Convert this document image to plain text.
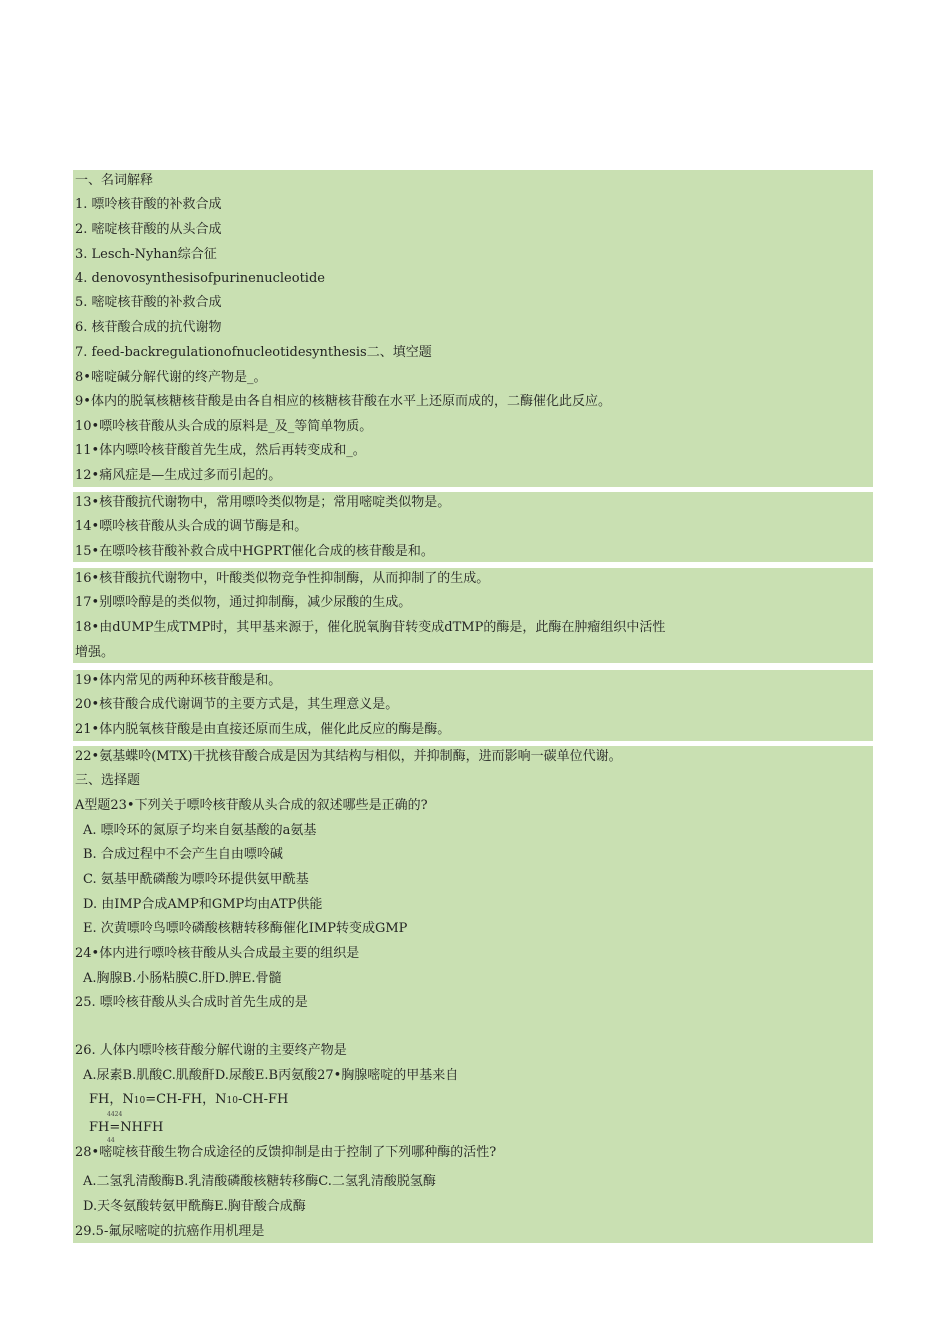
一、名词解释
1. 嘌呤核苷酸的补救合成
2. 嘧啶核苷酸的从头合成
3. Lesch-Nyhan综合征
4. denovosynthesisofpurinenucleotide
5. 嘧啶核苷酸的补救合成
6. 核苷酸合成的抗代谢物
7. feed-backregulationofnucleotidesynthesis二、填空题
8•嘧啶碱分解代谢的终产物是_。
9•体内的脱氧核糖核苷酸是由各自相应的核糖核苷酸在水平上还原而成的，二酶催化此反应。
10•嘌呤核苷酸从头合成的原料是_及_等简单物质。
11•体内嘌呤核苷酸首先生成，然后再转变成和_。
12•痛风症是—生成过多而引起的。
13•核苷酸抗代谢物中，常用嘌呤类似物是；常用嘧啶类似物是。
14•嘌呤核苷酸从头合成的调节酶是和。
15•在嘌呤核苷酸补救合成中HGPRT催化合成的核苷酸是和。
16•核苷酸抗代谢物中，叶酸类似物竞争性抑制酶，从而抑制了的生成。
17•别嘌呤醇是的类似物，通过抑制酶，减少尿酸的生成。
18•由dUMP生成TMP时，其甲基来源于，催化脱氧胸苷转变成dTMP的酶是，此酶在肿瘤组织中活性
增强。
19•体内常见的两种环核苷酸是和。
20•核苷酸合成代谢调节的主要方式是，其生理意义是。
21•体内脱氧核苷酸是由直接还原而生成，催化此反应的酶是酶。
22•氨基蝶呤(MTX)干扰核苷酸合成是因为其结构与相似，并抑制酶，进而影响一碳单位代谢。
三、选择题
A型题23•下列关于嘌呤核苷酸从头合成的叙述哪些是正确的?
A. 嘌呤环的氮原子均来自氨基酸的a氨基
B. 合成过程中不会产生自由嘌呤碱
C. 氨基甲酰磷酸为嘌呤环提供氨甲酰基
D. 由IMP合成AMP和GMP均由ATP供能
E. 次黄嘌呤鸟嘌呤磷酸核糖转移酶催化IMP转变成GMP
24•体内进行嘌呤核苷酸从头合成最主要的组织是
A.胸腺B.小肠粘膜C.肝D.脾E.骨髓
25. 嘌呤核苷酸从头合成时首先生成的是
26. 人体内嘌呤核苷酸分解代谢的主要终产物是
A.尿素B.肌酸C.肌酸酐D.尿酸E.B丙氨酸27•胸腺嘧啶的甲基来自
FH，N10=CH-FH，N10-CH-FH
4424
FH=NHFH
44
28•嘧啶核苷酸生物合成途径的反馈抑制是由于控制了下列哪种酶的活性?
A.二氢乳清酸酶B.乳清酸磷酸核糖转移酶C.二氢乳清酸脱氢酶
D.天冬氨酸转氨甲酰酶E.胸苷酸合成酶
29.5-氟尿嘧啶的抗癌作用机理是
